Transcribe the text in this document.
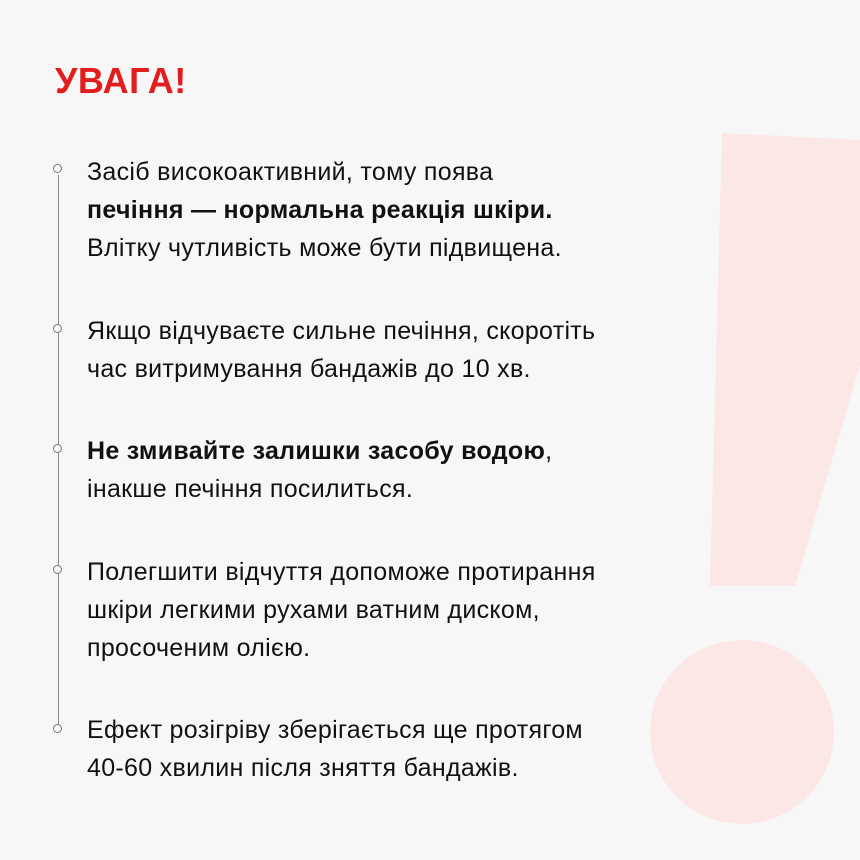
УВАГА!
Засіб високоактивний, тому поява
печіння — нормальна реакція шкіри.
Влітку чутливість може бути підвищена.
Якщо відчуваєте сильне печіння, скоротіть
час витримування бандажів до 10 хв.
Не змивайте залишки засобу водою,
інакше печіння посилиться.
Полегшити відчуття допоможе протирання
шкіри легкими рухами ватним диском,
просоченим олією.
Ефект розігріву зберігається ще протягом
40-60 хвилин після зняття бандажів.
